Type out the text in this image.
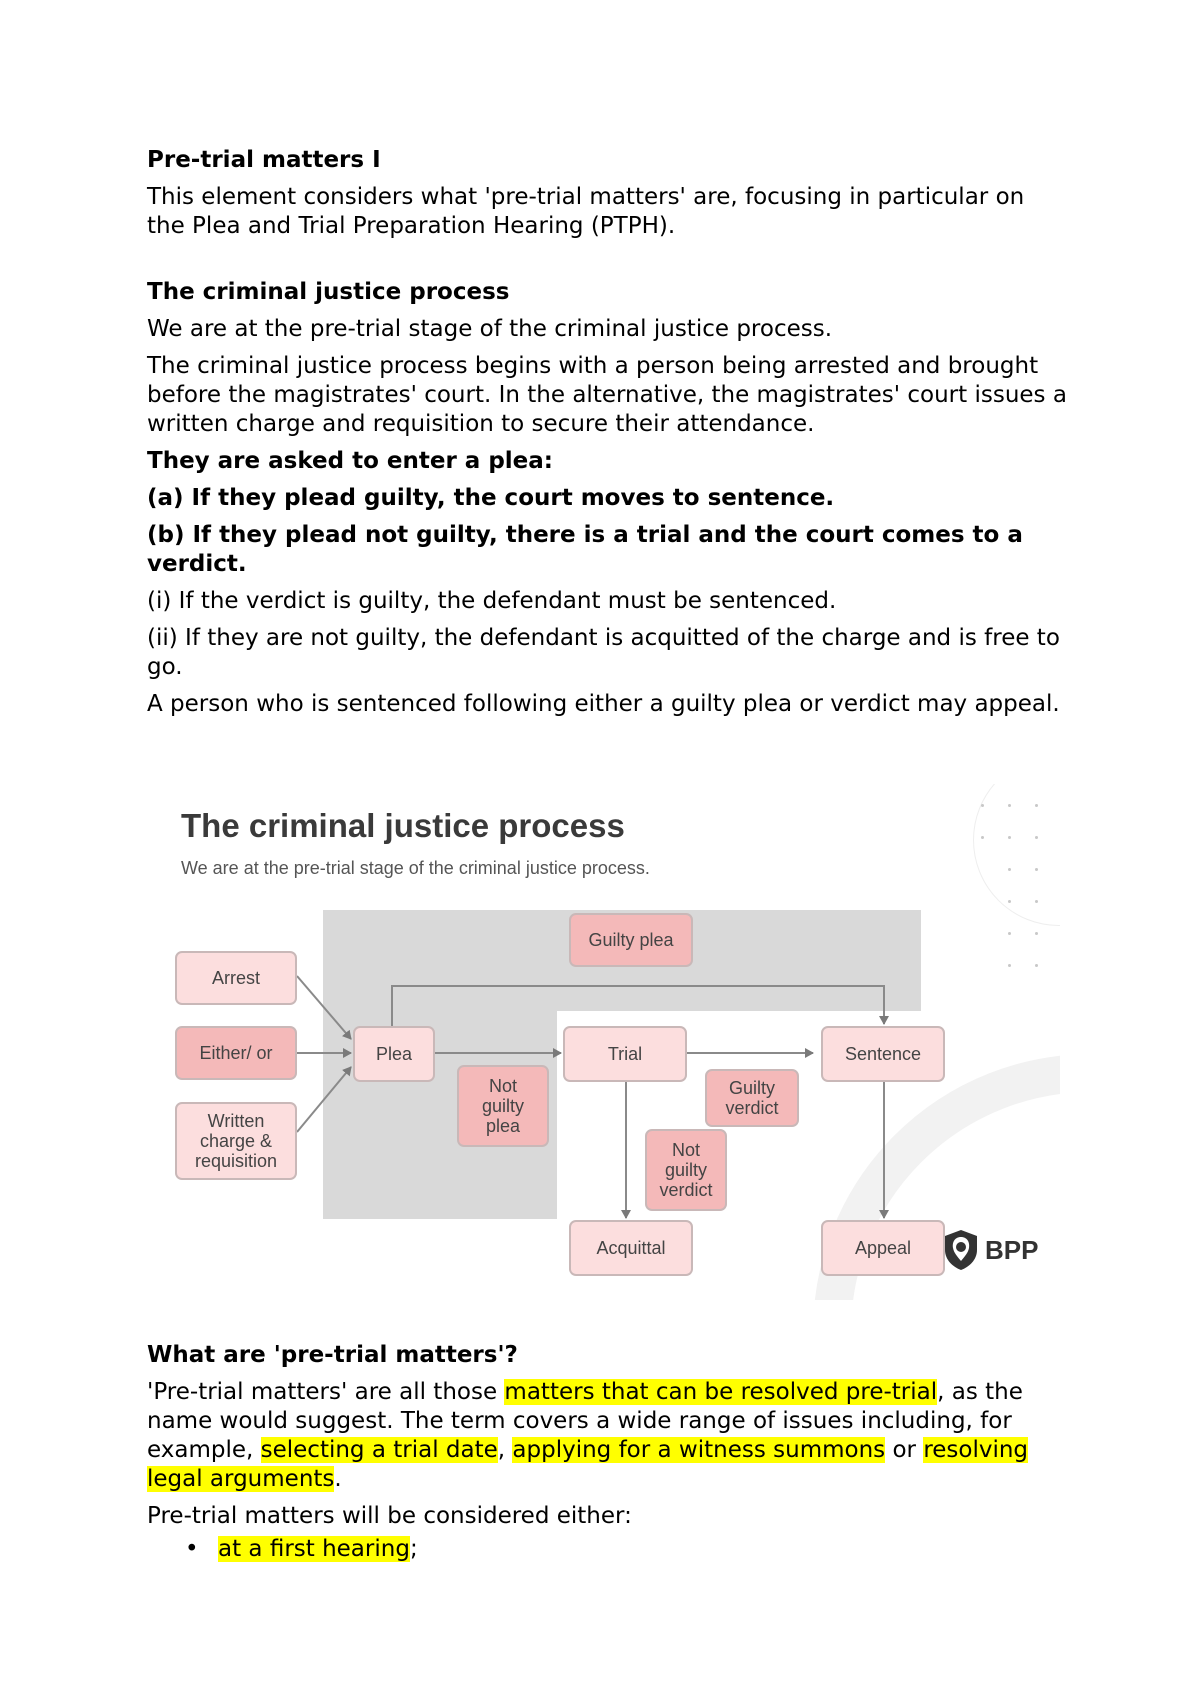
Pre-trial matters I
This element considers what 'pre-trial matters' are, focusing in particular on the Plea and Trial Preparation Hearing (PTPH).
The criminal justice process
We are at the pre-trial stage of the criminal justice process.
The criminal justice process begins with a person being arrested and brought before the magistrates' court. In the alternative, the magistrates' court issues a written charge and requisition to secure their attendance.
They are asked to enter a plea:
(a) If they plead guilty, the court moves to sentence.
(b) If they plead not guilty, there is a trial and the court comes to a verdict.
(i) If the verdict is guilty, the defendant must be sentenced.
(ii) If they are not guilty, the defendant is acquitted of the charge and is free to go.
A person who is sentenced following either a guilty plea or verdict may appeal.
The criminal justice process
We are at the pre-trial stage of the criminal justice process.
Arrest
Either/ or
Written charge & requisition
Plea
Guilty plea
Not guilty plea
Trial
Guilty verdict
Not guilty verdict
Sentence
Acquittal	Appeal	BPP
What are 'pre-trial matters'?
'Pre-trial matters' are all those matters that can be resolved pre-trial, as the name would suggest. The term covers a wide range of issues including, for example, selecting a trial date, applying for a witness summons or resolving legal arguments.
Pre-trial matters will be considered either:
• at a first hearing;
